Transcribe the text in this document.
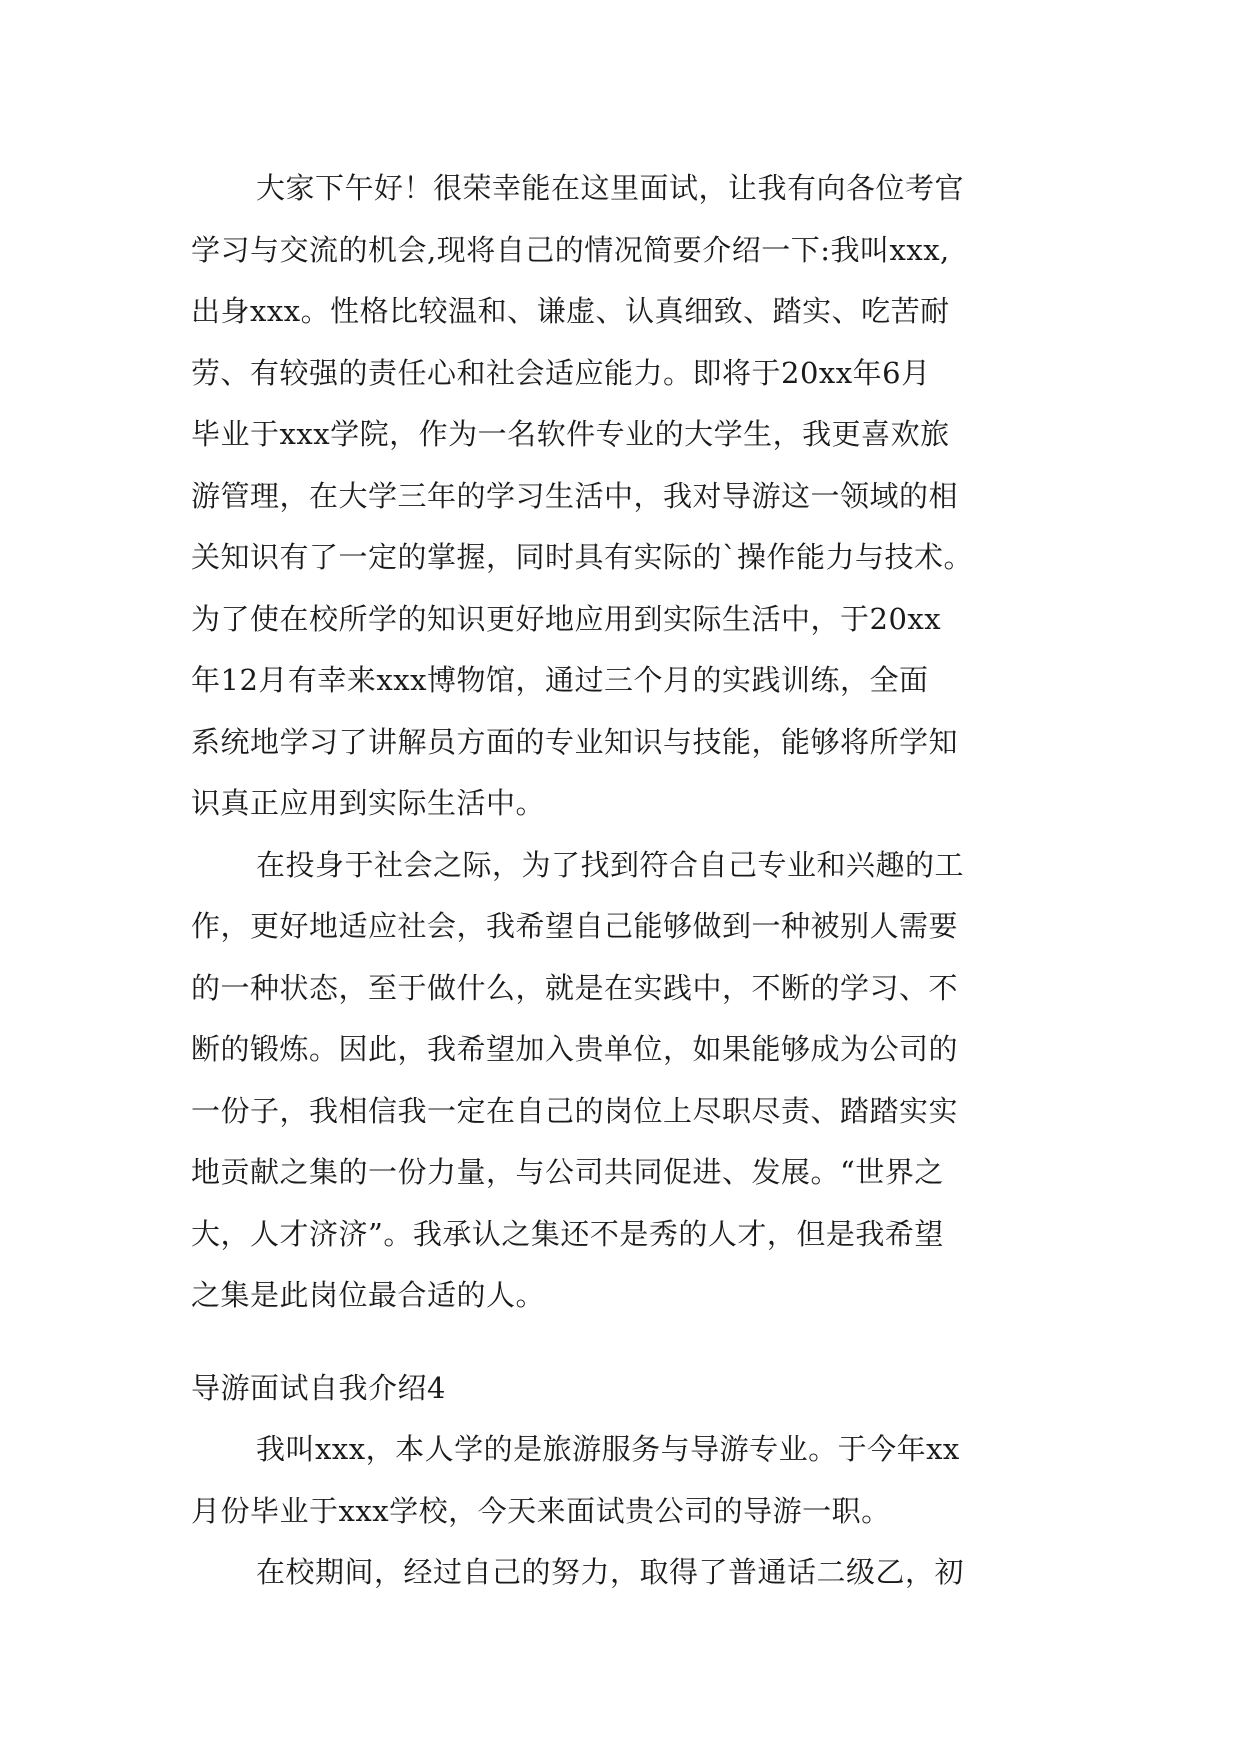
大家下午好！很荣幸能在这里面试，让我有向各位考官
学习与交流的机会,现将自己的情况简要介绍一下:我叫xxx,
出身xxx。性格比较温和、谦虚、认真细致、踏实、吃苦耐
劳、有较强的责任心和社会适应能力。即将于20xx年6月
毕业于xxx学院，作为一名软件专业的大学生，我更喜欢旅
游管理，在大学三年的学习生活中，我对导游这一领域的相
关知识有了一定的掌握，同时具有实际的`操作能力与技术。
为了使在校所学的知识更好地应用到实际生活中，于20xx
年12月有幸来xxx博物馆，通过三个月的实践训练，全面
系统地学习了讲解员方面的专业知识与技能，能够将所学知
识真正应用到实际生活中。
在投身于社会之际，为了找到符合自己专业和兴趣的工
作，更好地适应社会，我希望自己能够做到一种被别人需要
的一种状态，至于做什么，就是在实践中，不断的学习、不
断的锻炼。因此，我希望加入贵单位，如果能够成为公司的
一份子，我相信我一定在自己的岗位上尽职尽责、踏踏实实
地贡献之集的一份力量，与公司共同促进、发展。“世界之
大，人才济济”。我承认之集还不是秀的人才，但是我希望
之集是此岗位最合适的人。
导游面试自我介绍4
我叫xxx，本人学的是旅游服务与导游专业。于今年xx
月份毕业于xxx学校，今天来面试贵公司的导游一职。
在校期间，经过自己的努力，取得了普通话二级乙，初
